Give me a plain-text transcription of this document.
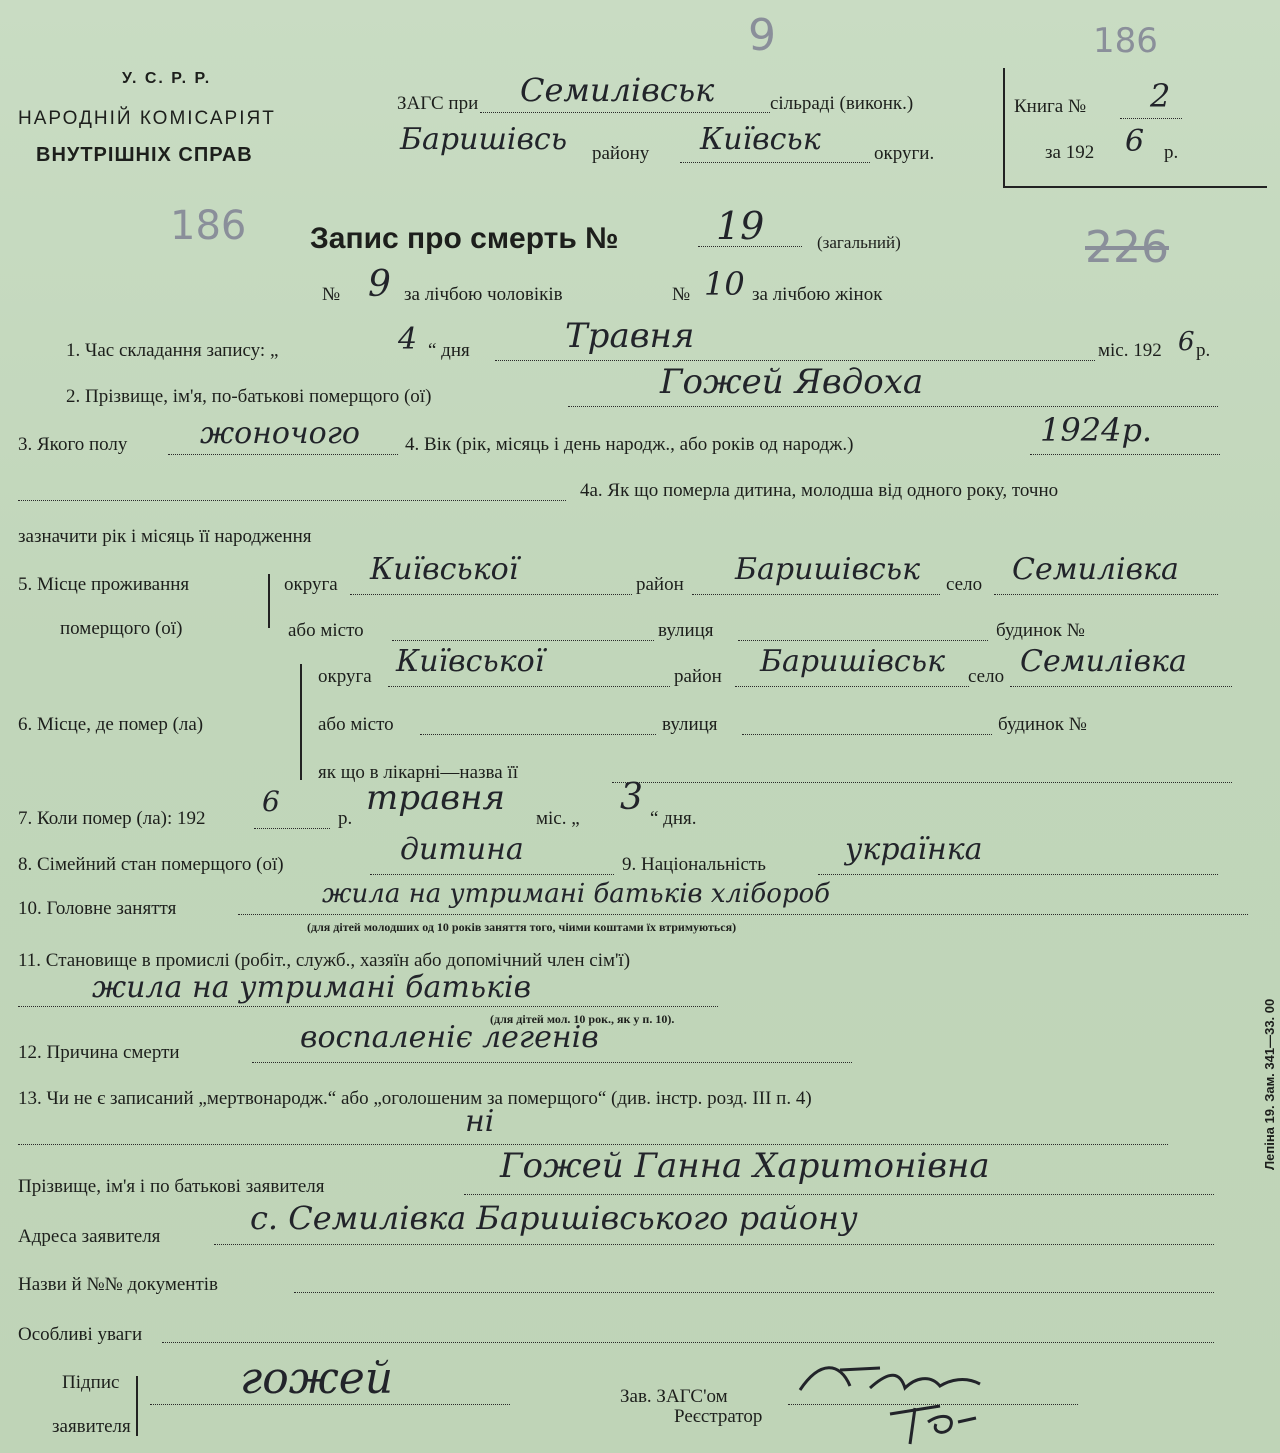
У. С. Р. Р.
НАРОДНІЙ КОМІСАРІЯТ
ВНУТРІШНІХ СПРАВ
ЗАГС при Семилівськ	сільраді (виконк.)
Баришівсь району Київськ	округи.
Книга № 2
за 192 6 р.
186
9
186	226
Запис про смерть №	19	(загальний)
№ 9 за лічбою чоловіків	№ 10 за лічбою жінок
1. Час складання запису: „	4 “ дня	Травня	міс. 192 6 р.
2. Прізвище, ім'я, по-батькові померщого (ої)	Гожей Явдоха
3. Якого полу жоночого 4. Вік (рік, місяць і день народж., або років од народж.)	1924р.
4а. Як що померла дитина, молодша від одного року, точно
зазначити рік і місяць її народження
5. Місце проживання
померщого (ої)
округа Київської	район Баришівськ село Семилівка
або місто	вулиця	будинок №
округа Київської	район Баришівськ село Семилівка
6. Місце, де помер (ла)	або місто	вулиця	будинок №
як що в лікарні—назва її
7. Коли помер (ла): 192
6
р.
травня
міс. „
3
“ дня.
8. Сімейний стан померщого (ої)	дитина	9. Національність	українка
10. Головне заняття	жила на утримані батьків хлібороб
(для дітей молодших од 10 років заняття того, чіими коштами їх втримуються)
11. Становище в промислі (робіт., служб., хазяїн або допомічний член сім'ї)
жила на утримані батьків
(для дітей мол. 10 рок., як у п. 10).
12. Причина смерти	воспаленіє легенів
13. Чи не є записаний „мертвонародж.“ або „оголошеним за померщого“ (див. інстр. розд. III п. 4)
ні
Прізвище, ім'я і по батькові заявителя
Гожей Ганна Харитонівна
Адреса заявителя	с. Семилівка Баришівського району
Назви й №№ документів
Особливі уваги
Підпис
заявителя
гожей	Зав. ЗАГС'ом
Реєстратор
Лепіна 19. Зам. 341—33. 00
